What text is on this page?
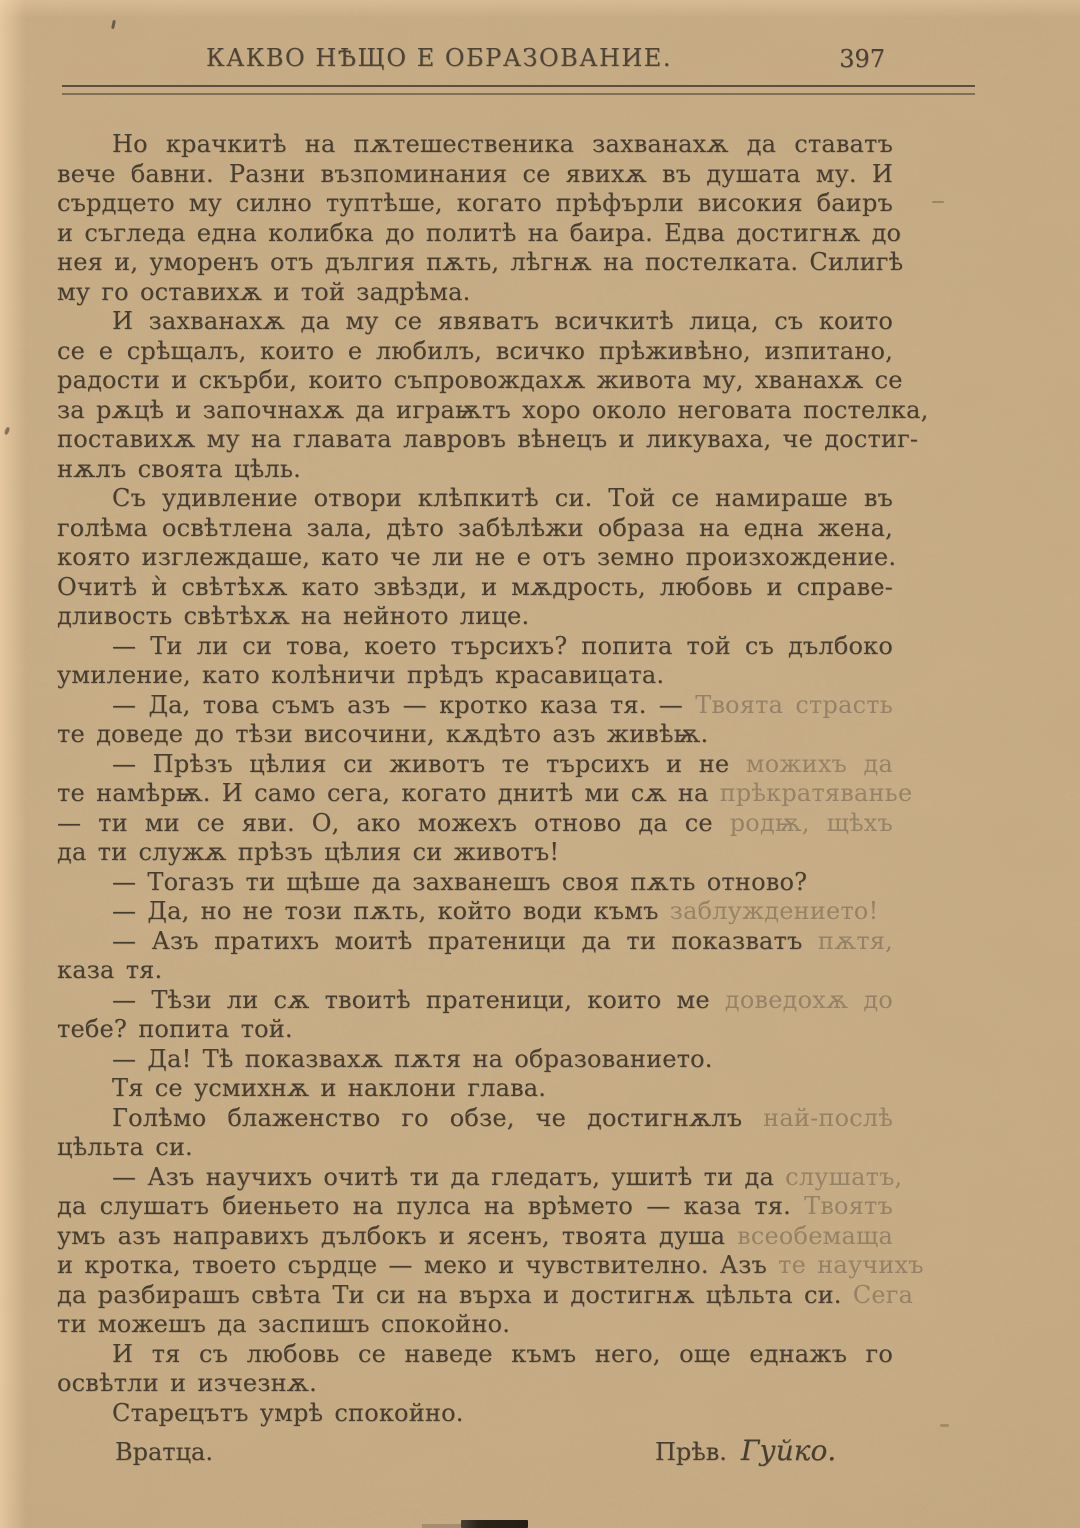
КАКВО НѢЩО Е ОБРАЗОВАНИЕ.	397
Но крачкитѣ на пѫтешественика захванахѫ да ставатъ
вече бавни. Разни възпоминания се явихѫ въ душата му. И
сърдцето му силно туптѣше, когато прѣфърли високия баиръ
и съгледа една колибка до политѣ на баира. Едва достигнѫ до
нея и, уморенъ отъ дългия пѫть, лѣгнѫ на постелката. Силигѣ
му го оставихѫ и той задрѣма.
И захванахѫ да му се явяватъ всичкитѣ лица, съ които
се е срѣщалъ, които е любилъ, всичко прѣживѣно, изпитано,
радости и скърби, които съпровождахѫ живота му, хванахѫ се
за рѫцѣ и започнахѫ да играѭтъ хоро около неговата постелка,
поставихѫ му на главата лавровъ вѣнецъ и ликуваха, че достиг-
нѫлъ своята цѣль.
Съ удивление отвори клѣпкитѣ си. Той се намираше въ
голѣма освѣтлена зала, дѣто забѣлѣжи образа на една жена,
която изглеждаше, като че ли не е отъ земно произхождение.
Очитѣ ѝ свѣтѣхѫ като звѣзди, и мѫдрость, любовь и справе-
дливость свѣтѣхѫ на нейното лице.
— Ти ли си това, което търсихъ? попита той съ дълбоко
умиление, като колѣничи прѣдъ красавицата.
— Да, това съмъ азъ — кротко каза тя. — Твоята страсть
те доведе до тѣзи височини, кѫдѣто азъ живѣѭ.
— Прѣзъ цѣлия си животъ те търсихъ и не можихъ да
те намѣрѭ. И само сега, когато днитѣ ми сѫ на прѣкратяванье
— ти ми се яви. О, ако можехъ отново да се родѭ, щѣхъ
да ти служѫ прѣзъ цѣлия си животъ!
— Тогазъ ти щѣше да захванешъ своя пѫть отново?
— Да, но не този пѫть, който води къмъ заблуждението!
— Азъ пратихъ моитѣ пратеници да ти показватъ пѫтя,
каза тя.
— Тѣзи ли сѫ твоитѣ пратеници, които ме доведохѫ до
тебе? попита той.
— Да! Тѣ показвахѫ пѫтя на образованието.
Тя се усмихнѫ и наклони глава.
Голѣмо блаженство го обзе, че достигнѫлъ най-послѣ
цѣльта си.
— Азъ научихъ очитѣ ти да гледатъ, ушитѣ ти да слушатъ,
да слушатъ биеньето на пулса на врѣмето — каза тя. Твоятъ
умъ азъ направихъ дълбокъ и ясенъ, твоята душа всеобемаща
и кротка, твоето сърдце — меко и чувствително. Азъ те научихъ
да разбирашъ свѣта Ти си на върха и достигнѫ цѣльта си. Сега
ти можешъ да заспишъ спокойно.
И тя съ любовь се наведе къмъ него, още еднажъ го
освѣтли и изчезнѫ.
Старецътъ умрѣ спокойно.
Вратца.	Прѣв. Гуйко.
